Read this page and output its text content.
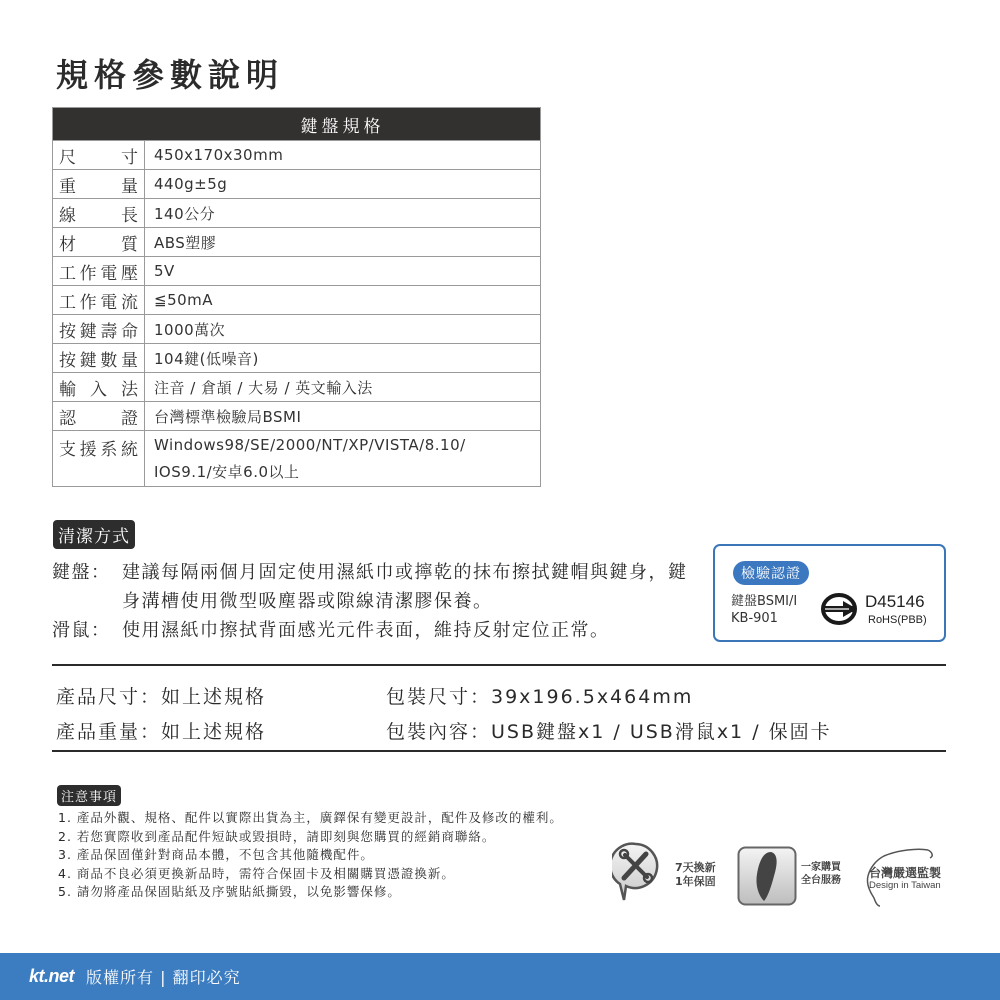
規格參數說明
鍵盤規格	
尺寸	450x170x30mm
重量	440g±5g
線長	140公分
材質	ABS塑膠
工作電壓	5V
工作電流	≦50mA
按鍵壽命	1000萬次
按鍵數量	104鍵(低噪音)
輸入法	注音 / 倉頡 / 大易 / 英文輸入法
認證	台灣標準檢驗局BSMI
支援系統	Windows98/SE/2000/NT/XP/VISTA/8.10/
IOS9.1/安卓6.0以上
清潔方式
鍵盤： 建議每隔兩個月固定使用濕紙巾或擰乾的抹布擦拭鍵帽與鍵身，鍵身溝槽使用微型吸塵器或隙線清潔膠保養。
滑鼠： 使用濕紙巾擦拭背面感光元件表面，維持反射定位正常。
檢驗認證
鍵盤BSMI/I
KB-901
D45146
RoHS(PBB)
產品尺寸：如上述規格	包裝尺寸：39x196.5x464mm
產品重量：如上述規格	包裝內容：USB鍵盤x1 / USB滑鼠x1 / 保固卡
注意事項
1. 產品外觀、規格、配件以實際出貨為主，廣鐸保有變更設計，配件及修改的權利。
2. 若您實際收到產品配件短缺或毀損時，請即刻與您購買的經銷商聯絡。
3. 產品保固僅針對商品本體，不包含其他隨機配件。
4. 商品不良必須更換新品時，需符合保固卡及相關購買憑證換新。
5. 請勿將產品保固貼紙及序號貼紙撕毀，以免影響保修。
7天換新
1年保固
一家購買
全台服務
台灣嚴選監製
Design in Taiwan
kt.net 版權所有 | 翻印必究
